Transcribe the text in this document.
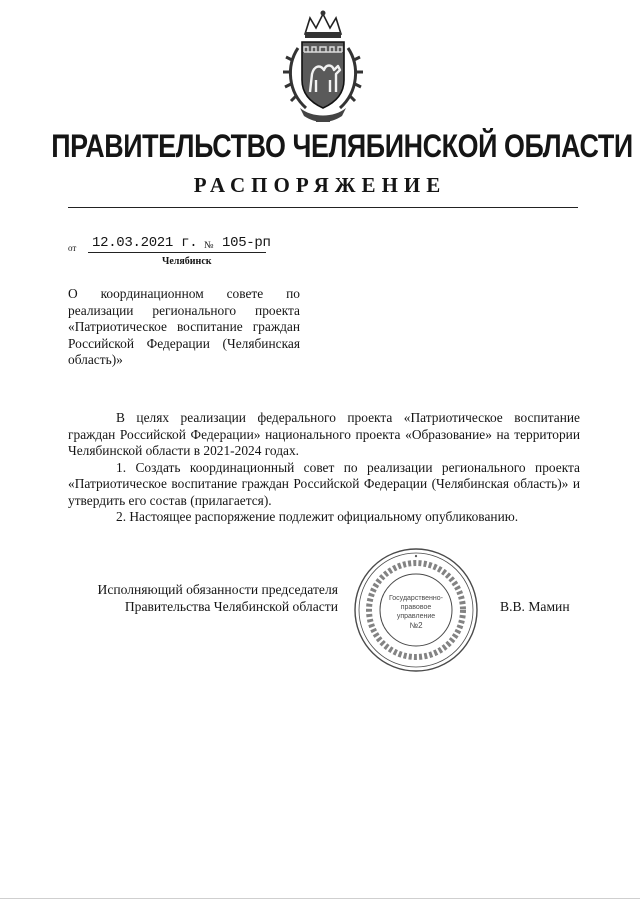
ПРАВИТЕЛЬСТВО ЧЕЛЯБИНСКОЙ ОБЛАСТИ
РАСПОРЯЖЕНИЕ
от 12.03.2021 г. № 105-рп
Челябинск
О координационном совете по реализации регионального проекта «Патриотическое воспитание граждан Российской Федерации (Челябинская область)»

В целях реализации федерального проекта «Патриотическое воспитание граждан Российской Федерации» национального проекта «Образование» на территории Челябинской области в 2021-2024 годах.

1. Создать координационный совет по реализации регионального проекта «Патриотическое воспитание граждан Российской Федерации (Челябинская область)» и утвердить его состав (прилагается).

2. Настоящее распоряжение подлежит официальному опубликованию.

Исполняющий обязанности председателя
Правительства Челябинской области
Государственно-
правовое
управление
№2
В.В. Мамин
